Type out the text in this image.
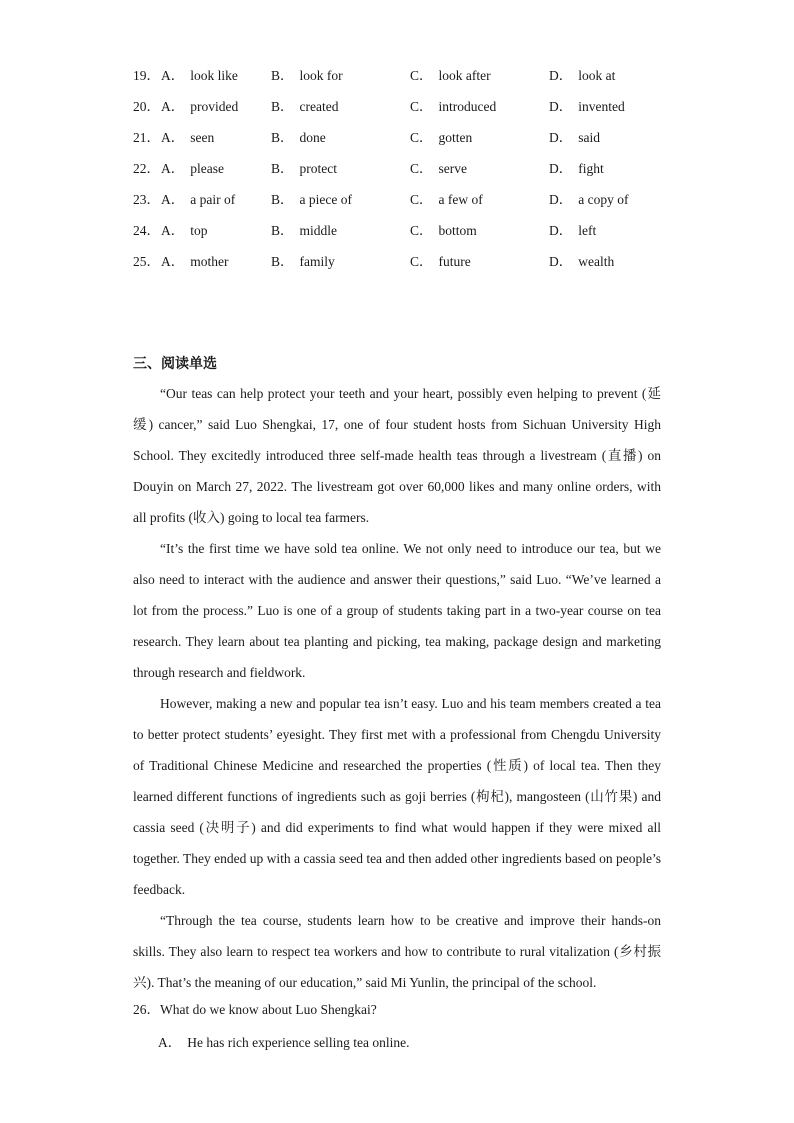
19． A． look like B． look for	C． look after	D． look at
20． A． provided B． created	C． introduced	D． invented
21． A． seen	B． done	C． gotten	D． said
22． A． please	B． protect	C． serve	D． fight
23． A． a pair of	B． a piece of	C． a few of	D． a copy of
24． A． top	B． middle	C． bottom	D． left
25． A． mother	B． family	C． future	D． wealth
三、阅读单选

“Our teas can help protect your teeth and your heart, possibly even helping to prevent (延缓) cancer,” said Luo Shengkai, 17, one of four student hosts from Sichuan University High School. They excitedly introduced three self-made health teas through a livestream (直播) on Douyin on March 27, 2022. The livestream got over 60,000 likes and many online orders, with all profits (收入) going to local tea farmers.

“It’s the first time we have sold tea online. We not only need to introduce our tea, but we also need to interact with the audience and answer their questions,” said Luo. “We’ve learned a lot from the process.” Luo is one of a group of students taking part in a two-year course on tea research. They learn about tea planting and picking, tea making, package design and marketing through research and fieldwork.

However, making a new and popular tea isn’t easy. Luo and his team members created a tea to better protect students’ eyesight. They first met with a professional from Chengdu University of Traditional Chinese Medicine and researched the properties (性质) of local tea. Then they learned different functions of ingredients such as goji berries (枸杞), mangosteen (山竹果) and cassia seed (决明子) and did experiments to find what would happen if they were mixed all together. They ended up with a cassia seed tea and then added other ingredients based on people’s feedback.

“Through the tea course, students learn how to be creative and improve their hands-on skills. They also learn to respect tea workers and how to contribute to rural vitalization (乡村振兴). That’s the meaning of our education,” said Mi Yunlin, the principal of the school.

26．What do we know about Luo Shengkai?
A． He has rich experience selling tea online.
